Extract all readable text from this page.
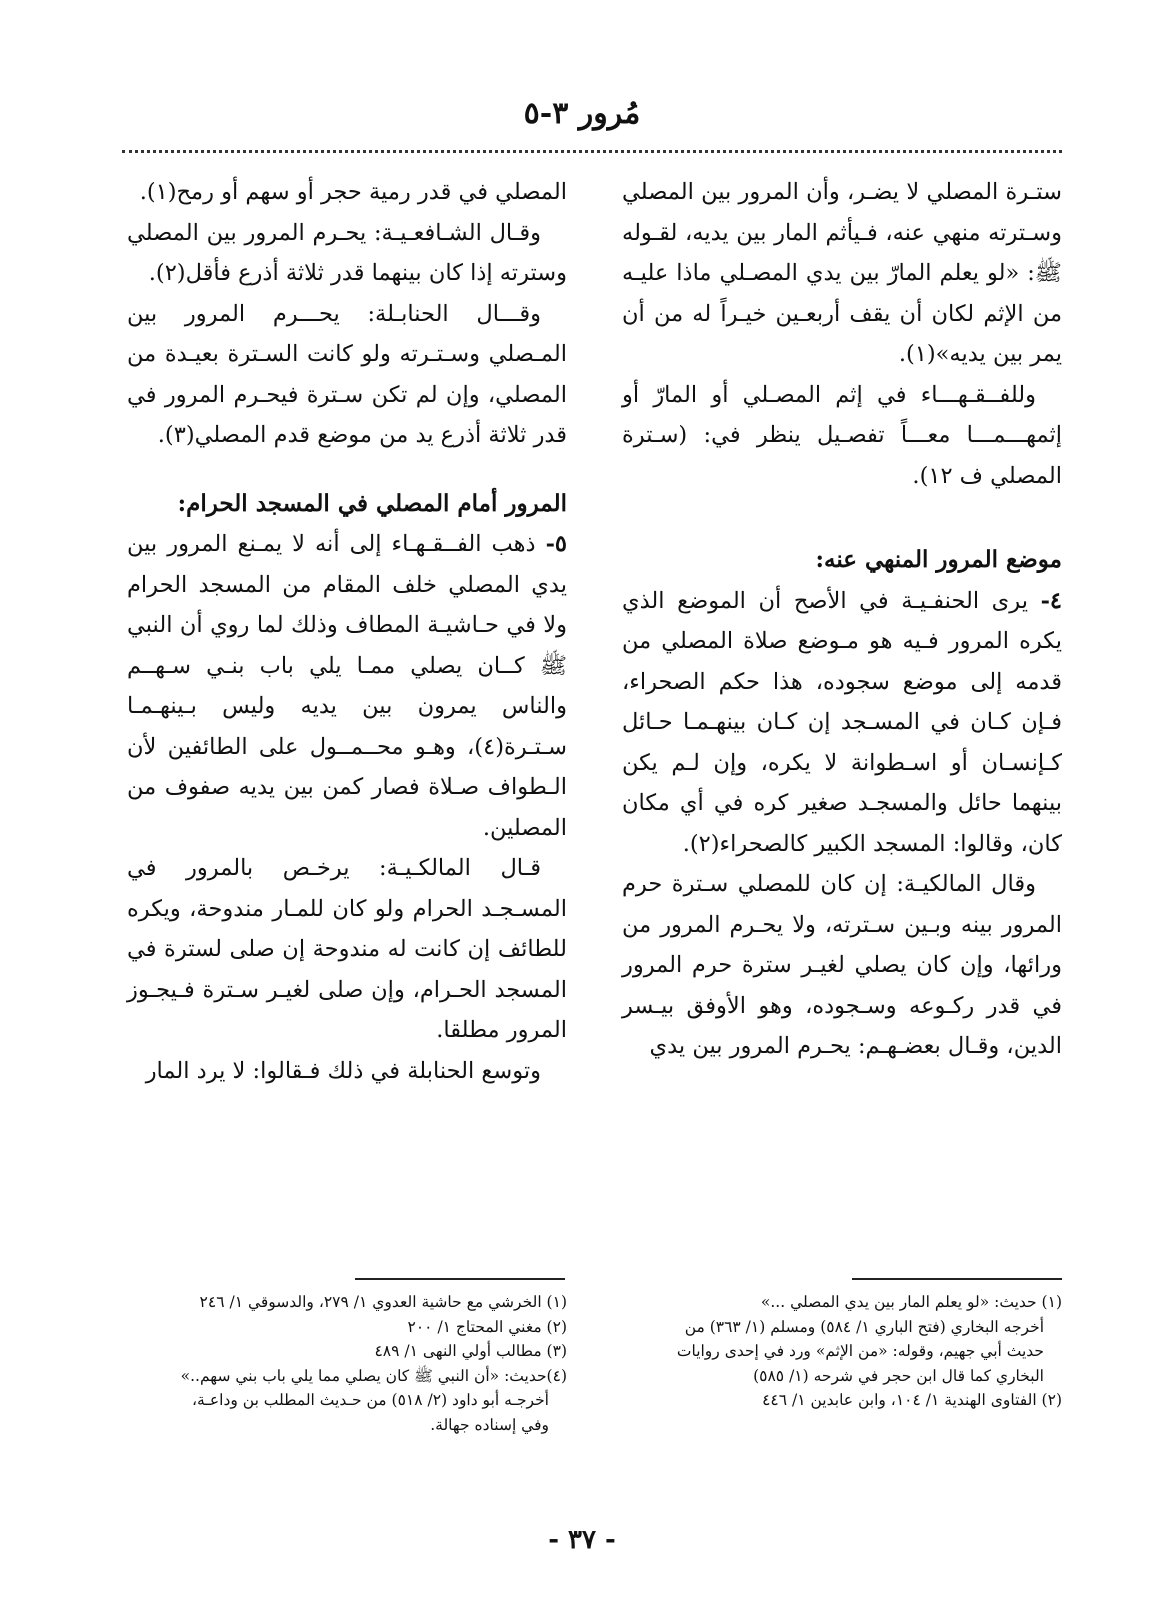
مُرور ٣-٥

ستـرة المصلي لا يضـر، وأن المرور بين المصلي وسـترته منهي عنه، فـيأثم المار بين يديه، لقـوله ﷺ: «لو يعلم المارّ بين يدي المصـلي ماذا عليـه من الإثم لكان أن يقف أربعـين خيـراً له من أن يمر بين يديه»(١).

وللفــقـهـــاء في إثم المصـلي أو المارّ أو إثمهـــمـــا معـــاً تفصـيل ينظر في: (سـترة المصلي ف ١٢).

موضع المرور المنهي عنه:

٤- يرى الحنفـيـة في الأصح أن الموضع الذي يكره المرور فـيه هو مـوضع صلاة المصلي من قدمه إلى موضع سجوده، هذا حكم الصحراء، فـإن كـان في المسـجد إن كـان بينهـمـا حـائل كـإنسـان أو اسـطوانة لا يكره، وإن لـم يكن بينهما حائل والمسجـد صغير كره في أي مكان كان، وقالوا: المسجد الكبير كالصحراء(٢).

وقال المالكيـة: إن كان للمصلي سـترة حرم المرور بينه وبـين سـترته، ولا يحـرم المرور من ورائها، وإن كان يصلي لغيـر سترة حرم المرور في قدر ركـوعه وسـجوده، وهو الأوفق بيـسر الدين، وقـال بعضـهـم: يحـرم المرور بين يدي

المصلي في قدر رمية حجر أو سهم أو رمح(١).

وقـال الشـافعـيـة: يحـرم المرور بين المصلي وسترته إذا كان بينهما قدر ثلاثة أذرع فأقل(٢).

وقـــال الحنابـلة: يحـــرم المرور بين المـصلي وسـتـرته ولو كانت السـترة بعيـدة من المصلي، وإن لم تكن سـترة فيحـرم المرور في قدر ثلاثة أذرع يد من موضع قدم المصلي(٣).

المرور أمام المصلي في المسجد الحرام:

٥- ذهب الفــقـهـاء إلى أنه لا يمـنع المرور بين يدي المصلي خلف المقام من المسجد الحرام ولا في حـاشيـة المطاف وذلك لما روي أن النبي ﷺ كــان يصلي ممـا يلي باب بنـي سـهــم والناس يمرون بين يديه وليس بـينهـمـا سـتـرة(٤)، وهـو محــمــول على الطائفين لأن الـطواف صـلاة فصار كمن بين يديه صفوف من المصلين.

قـال المالكـيـة: يرخـص بالمرور في المسـجـد الحرام ولو كان للمـار مندوحة، ويكره للطائف إن كانت له مندوحة إن صلى لسترة في المسجد الحـرام، وإن صلى لغيـر سـترة فـيجـوز المرور مطلقا.

وتوسع الحنابلة في ذلك فـقالوا: لا يرد المار

(١) حديث: «لو يعلم المار بين يدي المصلي ...»

أخرجه البخاري (فتح الباري ١/ ٥٨٤) ومسلم (١/ ٣٦٣) من

حديث أبي جهيم، وقوله: «من الإثم» ورد في إحدى روايات

البخاري كما قال ابن حجر في شرحه (١/ ٥٨٥)

(٢) الفتاوى الهندية ١/ ١٠٤، وابن عابدين ١/ ٤٤٦

(١) الخرشي مع حاشية العدوي ١/ ٢٧٩، والدسوقي ١/ ٢٤٦

(٢) مغني المحتاج ١/ ٢٠٠

(٣) مطالب أولي النهى ١/ ٤٨٩

(٤)حديث: «أن النبي ﷺ كان يصلي مما يلي باب بني سهم..»

أخرجـه أبو داود (٢/ ٥١٨) من حـديث المطلب بن وداعـة،

وفي إسناده جهالة.

- ٣٧ -
